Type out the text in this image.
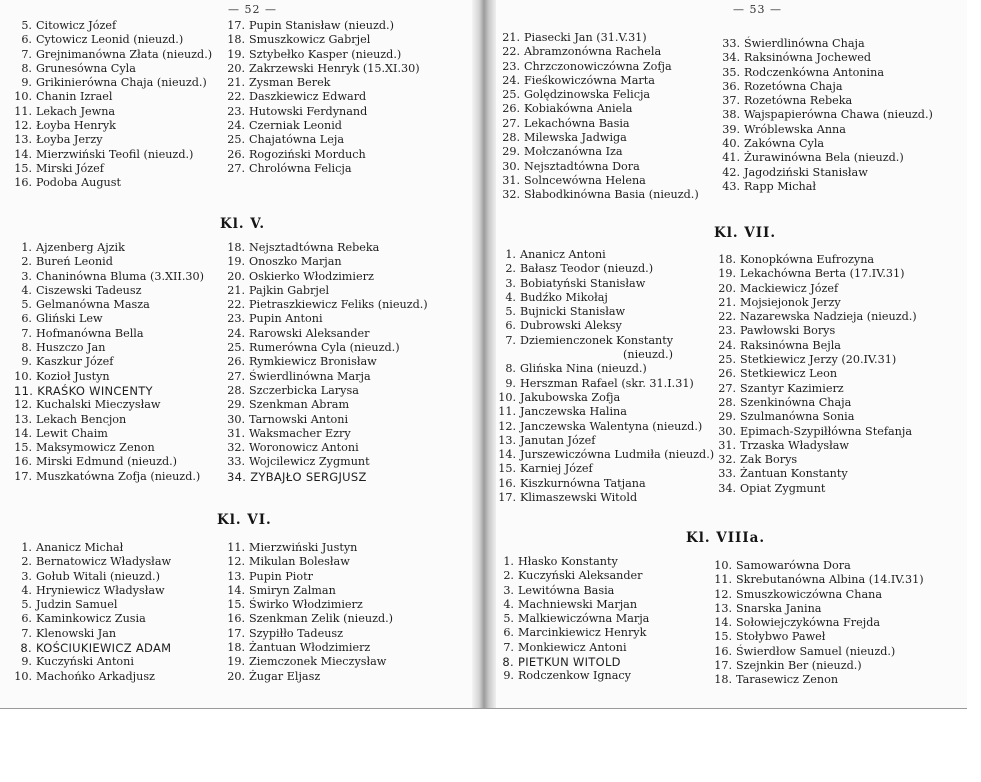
— 52 —
5. Citowicz Józef
6. Cytowicz Leonid (nieuzd.)
7. Grejnimanówna Złata (nieuzd.)
8. Grunesówna Cyla
9. Grikinierówna Chaja (nieuzd.)
10. Chanin Izrael
11. Lekach Jewna
12. Łoyba Henryk
13. Łoyba Jerzy
14. Mierzwiński Teofil (nieuzd.)
15. Mirski Józef
16. Podoba August
17. Pupin Stanisław (nieuzd.)
18. Smuszkowicz Gabrjel
19. Sztybełko Kasper (nieuzd.)
20. Zakrzewski Henryk (15.XI.30)
21. Zysman Berek
22. Daszkiewicz Edward
23. Hutowski Ferdynand
24. Czerniak Leonid
25. Chajatówna Leja
26. Rogoziński Morduch
27. Chrolówna Felicja
Kl. V.
1. Ajzenberg Ajzik
2. Bureń Leonid
3. Chaninówna Bluma (3.XII.30)
4. Ciszewski Tadeusz
5. Gelmanówna Masza
6. Gliński Lew
7. Hofmanówna Bella
8. Huszczo Jan
9. Kaszkur Józef
10. Kozioł Justyn
11. KRAŚKO WINCENTY
12. Kuchalski Mieczysław
13. Lekach Bencjon
14. Lewit Chaim
15. Maksymowicz Zenon
16. Mirski Edmund (nieuzd.)
17. Muszkatówna Zofja (nieuzd.)
18. Nejsztadtówna Rebeka
19. Onoszko Marjan
20. Oskierko Włodzimierz
21. Pajkin Gabrjel
22. Pietraszkiewicz Feliks (nieuzd.)
23. Pupin Antoni
24. Rarowski Aleksander
25. Rumerówna Cyla (nieuzd.)
26. Rymkiewicz Bronisław
27. Świerdlinówna Marja
28. Szczerbicka Larysa
29. Szenkman Abram
30. Tarnowski Antoni
31. Waksmacher Ezry
32. Woronowicz Antoni
33. Wojcilewicz Zygmunt
34. ZYBAJŁO SERGJUSZ
Kl. VI.
1. Ananicz Michał
2. Bernatowicz Władysław
3. Gołub Witali (nieuzd.)
4. Hryniewicz Władysław
5. Judzin Samuel
6. Kaminkowicz Zusia
7. Klenowski Jan
8. KOŚCIUKIEWICZ ADAM
9. Kuczyński Antoni
10. Machońko Arkadjusz
11. Mierzwiński Justyn
12. Mikulan Bolesław
13. Pupin Piotr
14. Smiryn Zalman
15. Świrko Włodzimierz
16. Szenkman Zelik (nieuzd.)
17. Szypiłło Tadeusz
18. Żantuan Włodzimierz
19. Ziemczonek Mieczysław
20. Żugar Eljasz
— 53 —
21. Piasecki Jan (31.V.31)
22. Abramzonówna Rachela
23. Chrzczonowiczówna Zofja
24. Fieśkowiczówna Marta
25. Golędzinowska Felicja
26. Kobiakówna Aniela
27. Lekachówna Basia
28. Milewska Jadwiga
29. Mołczanówna Iza
30. Nejsztadtówna Dora
31. Solncewówna Helena
32. Słabodkinówna Basia (nieuzd.)
33. Świerdlinówna Chaja
34. Raksinówna Jochewed
35. Rodczenkówna Antonina
36. Rozetówna Chaja
37. Rozetówna Rebeka
38. Wajspapierówna Chawa (nieuzd.)
39. Wróblewska Anna
40. Zakówna Cyla
41. Żurawinówna Bela (nieuzd.)
42. Jagodziński Stanisław
43. Rapp Michał
Kl. VII.
1. Ananicz Antoni
2. Bałasz Teodor (nieuzd.)
3. Bobiatyński Stanisław
4. Budźko Mikołaj
5. Bujnicki Stanisław
6. Dubrowski Aleksy
7. Dziemienczonek Konstanty
(nieuzd.)
8. Glińska Nina (nieuzd.)
9. Herszman Rafael (skr. 31.I.31)
10. Jakubowska Zofja
11. Janczewska Halina
12. Janczewska Walentyna (nieuzd.)
13. Janutan Józef
14. Jurszewiczówna Ludmiła (nieuzd.)
15. Karniej Józef
16. Kiszkurnówna Tatjana
17. Klimaszewski Witold
18. Konopkówna Eufrozyna
19. Lekachówna Berta (17.IV.31)
20. Mackiewicz Józef
21. Mojsiejonok Jerzy
22. Nazarewska Nadzieja (nieuzd.)
23. Pawłowski Borys
24. Raksinówna Bejla
25. Stetkiewicz Jerzy (20.IV.31)
26. Stetkiewicz Leon
27. Szantyr Kazimierz
28. Szenkinówna Chaja
29. Szulmanówna Sonia
30. Epimach-Szypiłłówna Stefanja
31. Trzaska Władysław
32. Zak Borys
33. Żantuan Konstanty
34. Opiat Zygmunt
Kl. VIIIa.
1. Hłasko Konstanty
2. Kuczyński Aleksander
3. Lewitówna Basia
4. Machniewski Marjan
5. Malkiewiczówna Marja
6. Marcinkiewicz Henryk
7. Monkiewicz Antoni
8. PIETKUN WITOLD
9. Rodczenkow Ignacy
10. Samowarówna Dora
11. Skrebutanówna Albina (14.IV.31)
12. Smuszkowiczówna Chana
13. Snarska Janina
14. Sołowiejczykówna Frejda
15. Stołybwo Paweł
16. Świerdłow Samuel (nieuzd.)
17. Szejnkin Ber (nieuzd.)
18. Tarasewicz Zenon
